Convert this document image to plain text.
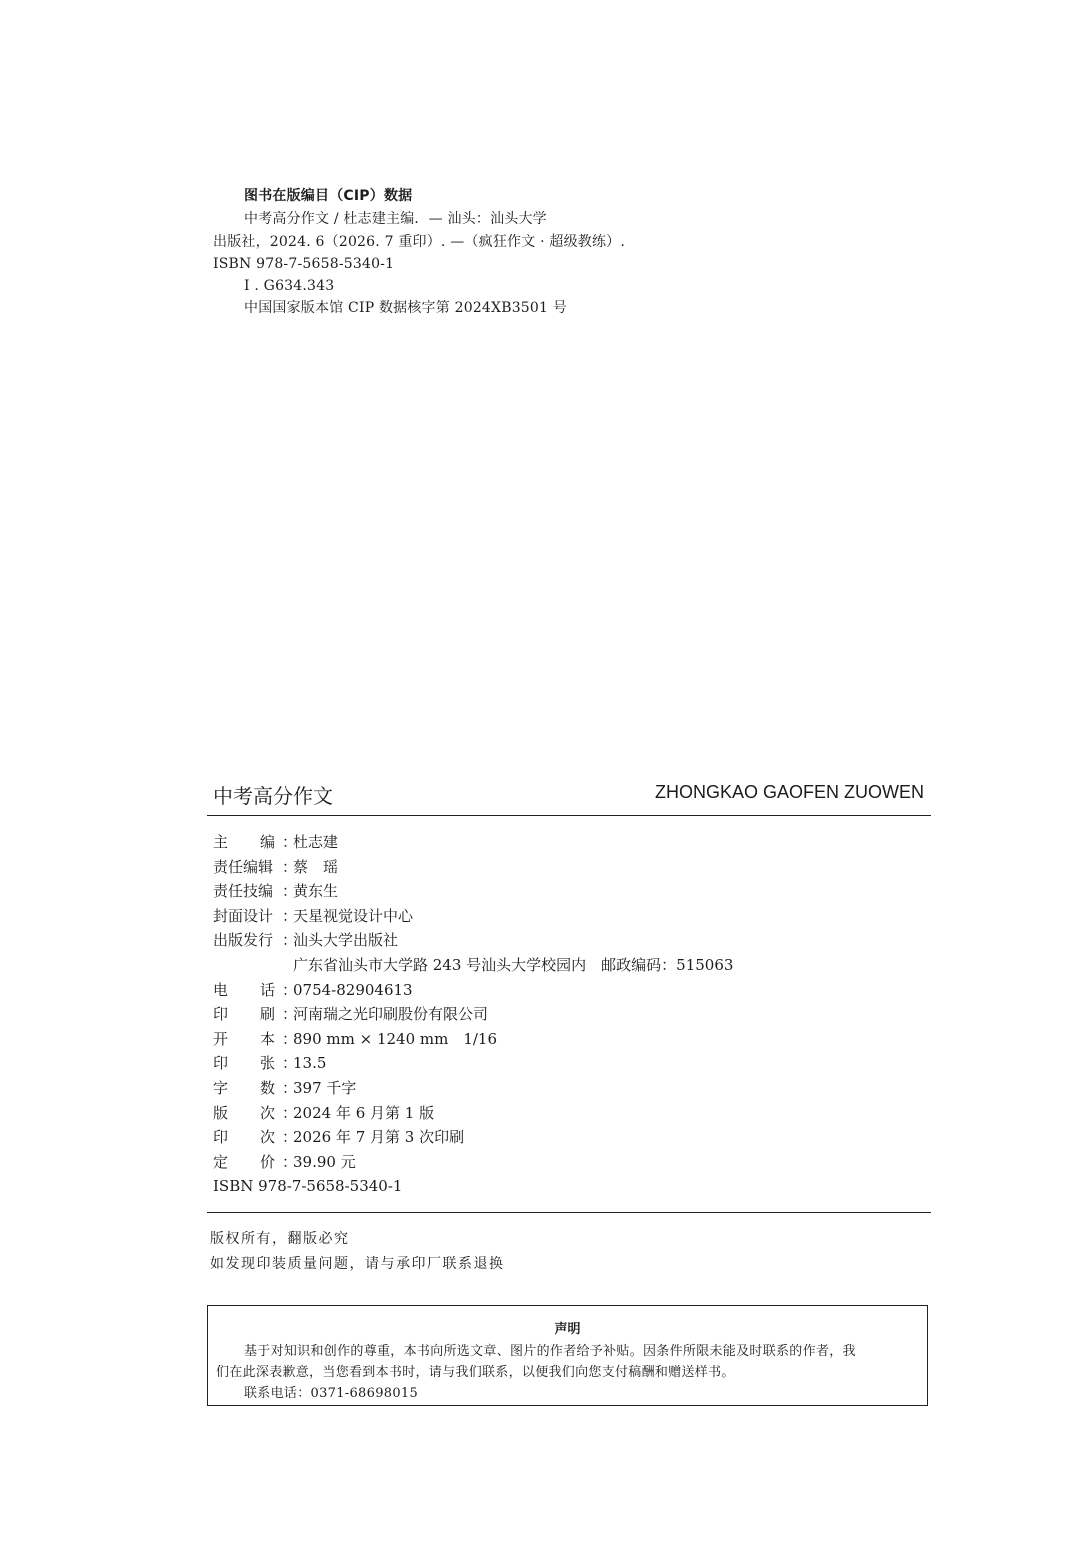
图书在版编目（CIP）数据
中考高分作文 / 杜志建主编．— 汕头：汕头大学
出版社，2024. 6（2026. 7 重印）. —（疯狂作文 · 超级教练）.
ISBN 978-7-5658-5340-1
Ⅰ . G634.343
中国国家版本馆 CIP 数据核字第 2024XB3501 号
中考高分作文	ZHONGKAO GAOFEN ZUOWEN
主 编 ：
杜志建
责任编辑 ：
蔡　瑶
责任技编 ：
黄东生
封面设计 ：
天星视觉设计中心
出版发行 ：
汕头大学出版社
广东省汕头市大学路 243 号汕头大学校园内　邮政编码：515063
电 话 ：
0754-82904613
印 刷 ：
河南瑞之光印刷股份有限公司
开 本 ：
890 mm × 1240 mm　1/16
印 张 ：
13.5
字 数 ：
397 千字
版 次 ：
2024 年 6 月第 1 版
印 次 ：
2026 年 7 月第 3 次印刷
定 价 ：
39.90 元
ISBN 978-7-5658-5340-1
版权所有，翻版必究
如发现印装质量问题，请与承印厂联系退换
声明
基于对知识和创作的尊重，本书向所选文章、图片的作者给予补贴。因条件所限未能及时联系的作者，我
们在此深表歉意，当您看到本书时，请与我们联系，以便我们向您支付稿酬和赠送样书。
联系电话：0371-68698015
